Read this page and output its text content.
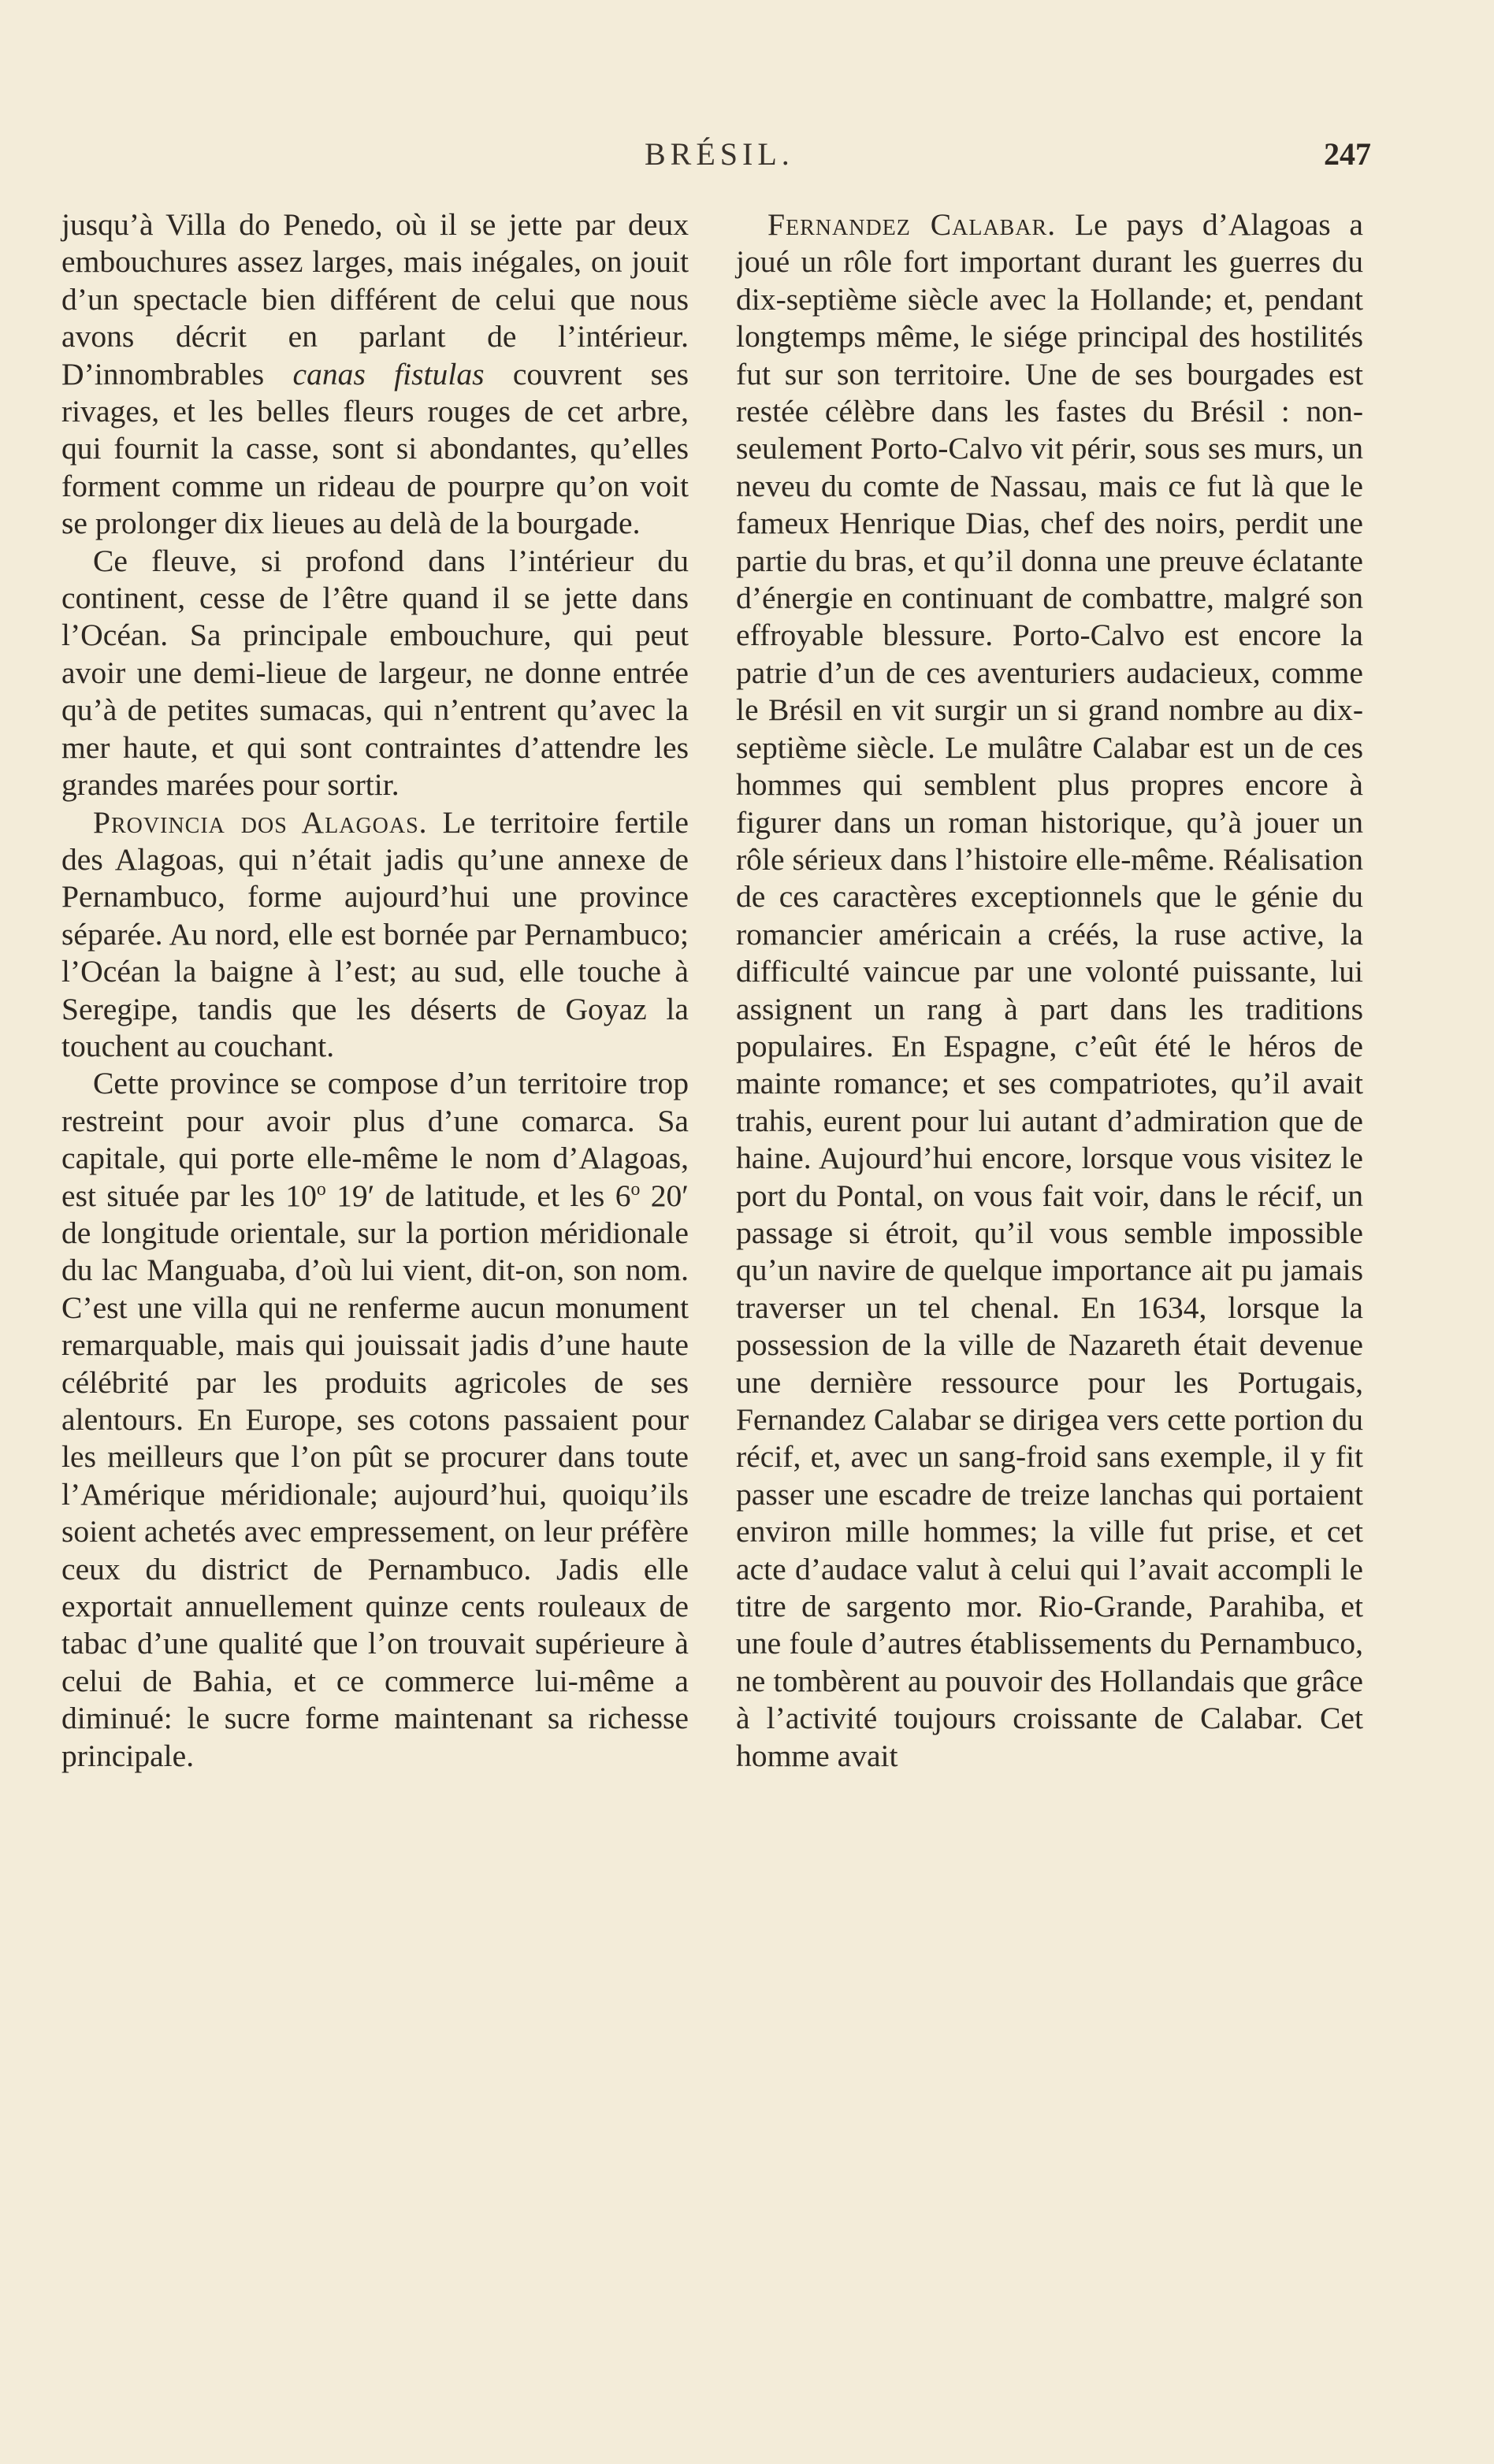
BRÉSIL.	247

jusqu’à Villa do Penedo, où il se jette par deux embouchures assez larges, mais inégales, on jouit d’un spectacle bien différent de celui que nous avons décrit en parlant de l’intérieur. D’innombrables canas fistulas couvrent ses rivages, et les belles fleurs rouges de cet arbre, qui fournit la casse, sont si abondantes, qu’elles forment comme un rideau de pourpre qu’on voit se prolonger dix lieues au delà de la bourgade.

Ce fleuve, si profond dans l’intérieur du continent, cesse de l’être quand il se jette dans l’Océan. Sa principale embouchure, qui peut avoir une demi-lieue de largeur, ne donne entrée qu’à de petites sumacas, qui n’entrent qu’avec la mer haute, et qui sont contraintes d’attendre les grandes marées pour sortir.

Provincia dos Alagoas. Le territoire fertile des Alagoas, qui n’était jadis qu’une annexe de Pernambuco, forme aujourd’hui une province séparée. Au nord, elle est bornée par Pernambuco; l’Océan la baigne à l’est; au sud, elle touche à Seregipe, tandis que les déserts de Goyaz la touchent au couchant.

Cette province se compose d’un territoire trop restreint pour avoir plus d’une comarca. Sa capitale, qui porte elle-même le nom d’Alagoas, est située par les 10$^o$ 19′ de latitude, et les 6$^o$ 20′ de longitude orientale, sur la portion méridionale du lac Manguaba, d’où lui vient, dit-on, son nom. C’est une villa qui ne renferme aucun monument remarquable, mais qui jouissait jadis d’une haute célébrité par les produits agricoles de ses alentours. En Europe, ses cotons passaient pour les meilleurs que l’on pût se procurer dans toute l’Amérique méridionale; aujourd’hui, quoiqu’ils soient achetés avec empressement, on leur préfère ceux du district de Pernambuco. Jadis elle exportait annuellement quinze cents rouleaux de tabac d’une qualité que l’on trouvait supérieure à celui de Bahia, et ce commerce lui-même a diminué: le sucre forme maintenant sa richesse principale.

Fernandez Calabar. Le pays d’Alagoas a joué un rôle fort important durant les guerres du dix-septième siècle avec la Hollande; et, pendant longtemps même, le siége principal des hostilités fut sur son territoire. Une de ses bourgades est restée célèbre dans les fastes du Brésil : non-seulement Porto-Calvo vit périr, sous ses murs, un neveu du comte de Nassau, mais ce fut là que le fameux Henrique Dias, chef des noirs, perdit une partie du bras, et qu’il donna une preuve éclatante d’énergie en continuant de combattre, malgré son effroyable blessure. Porto-Calvo est encore la patrie d’un de ces aventuriers audacieux, comme le Brésil en vit surgir un si grand nombre au dix-septième siècle. Le mulâtre Calabar est un de ces hommes qui semblent plus propres encore à figurer dans un roman historique, qu’à jouer un rôle sérieux dans l’histoire elle-même. Réalisation de ces caractères exceptionnels que le génie du romancier américain a créés, la ruse active, la difficulté vaincue par une volonté puissante, lui assignent un rang à part dans les traditions populaires. En Espagne, c’eût été le héros de mainte romance; et ses compatriotes, qu’il avait trahis, eurent pour lui autant d’admiration que de haine. Aujourd’hui encore, lorsque vous visitez le port du Pontal, on vous fait voir, dans le récif, un passage si étroit, qu’il vous semble impossible qu’un navire de quelque importance ait pu jamais traverser un tel chenal. En 1634, lorsque la possession de la ville de Nazareth était devenue une dernière ressource pour les Portugais, Fernandez Calabar se dirigea vers cette portion du récif, et, avec un sang-froid sans exemple, il y fit passer une escadre de treize lanchas qui portaient environ mille hommes; la ville fut prise, et cet acte d’audace valut à celui qui l’avait accompli le titre de sargento mor. Rio-Grande, Parahiba, et une foule d’autres établissements du Pernambuco, ne tombèrent au pouvoir des Hollandais que grâce à l’activité toujours croissante de Calabar. Cet homme avait
